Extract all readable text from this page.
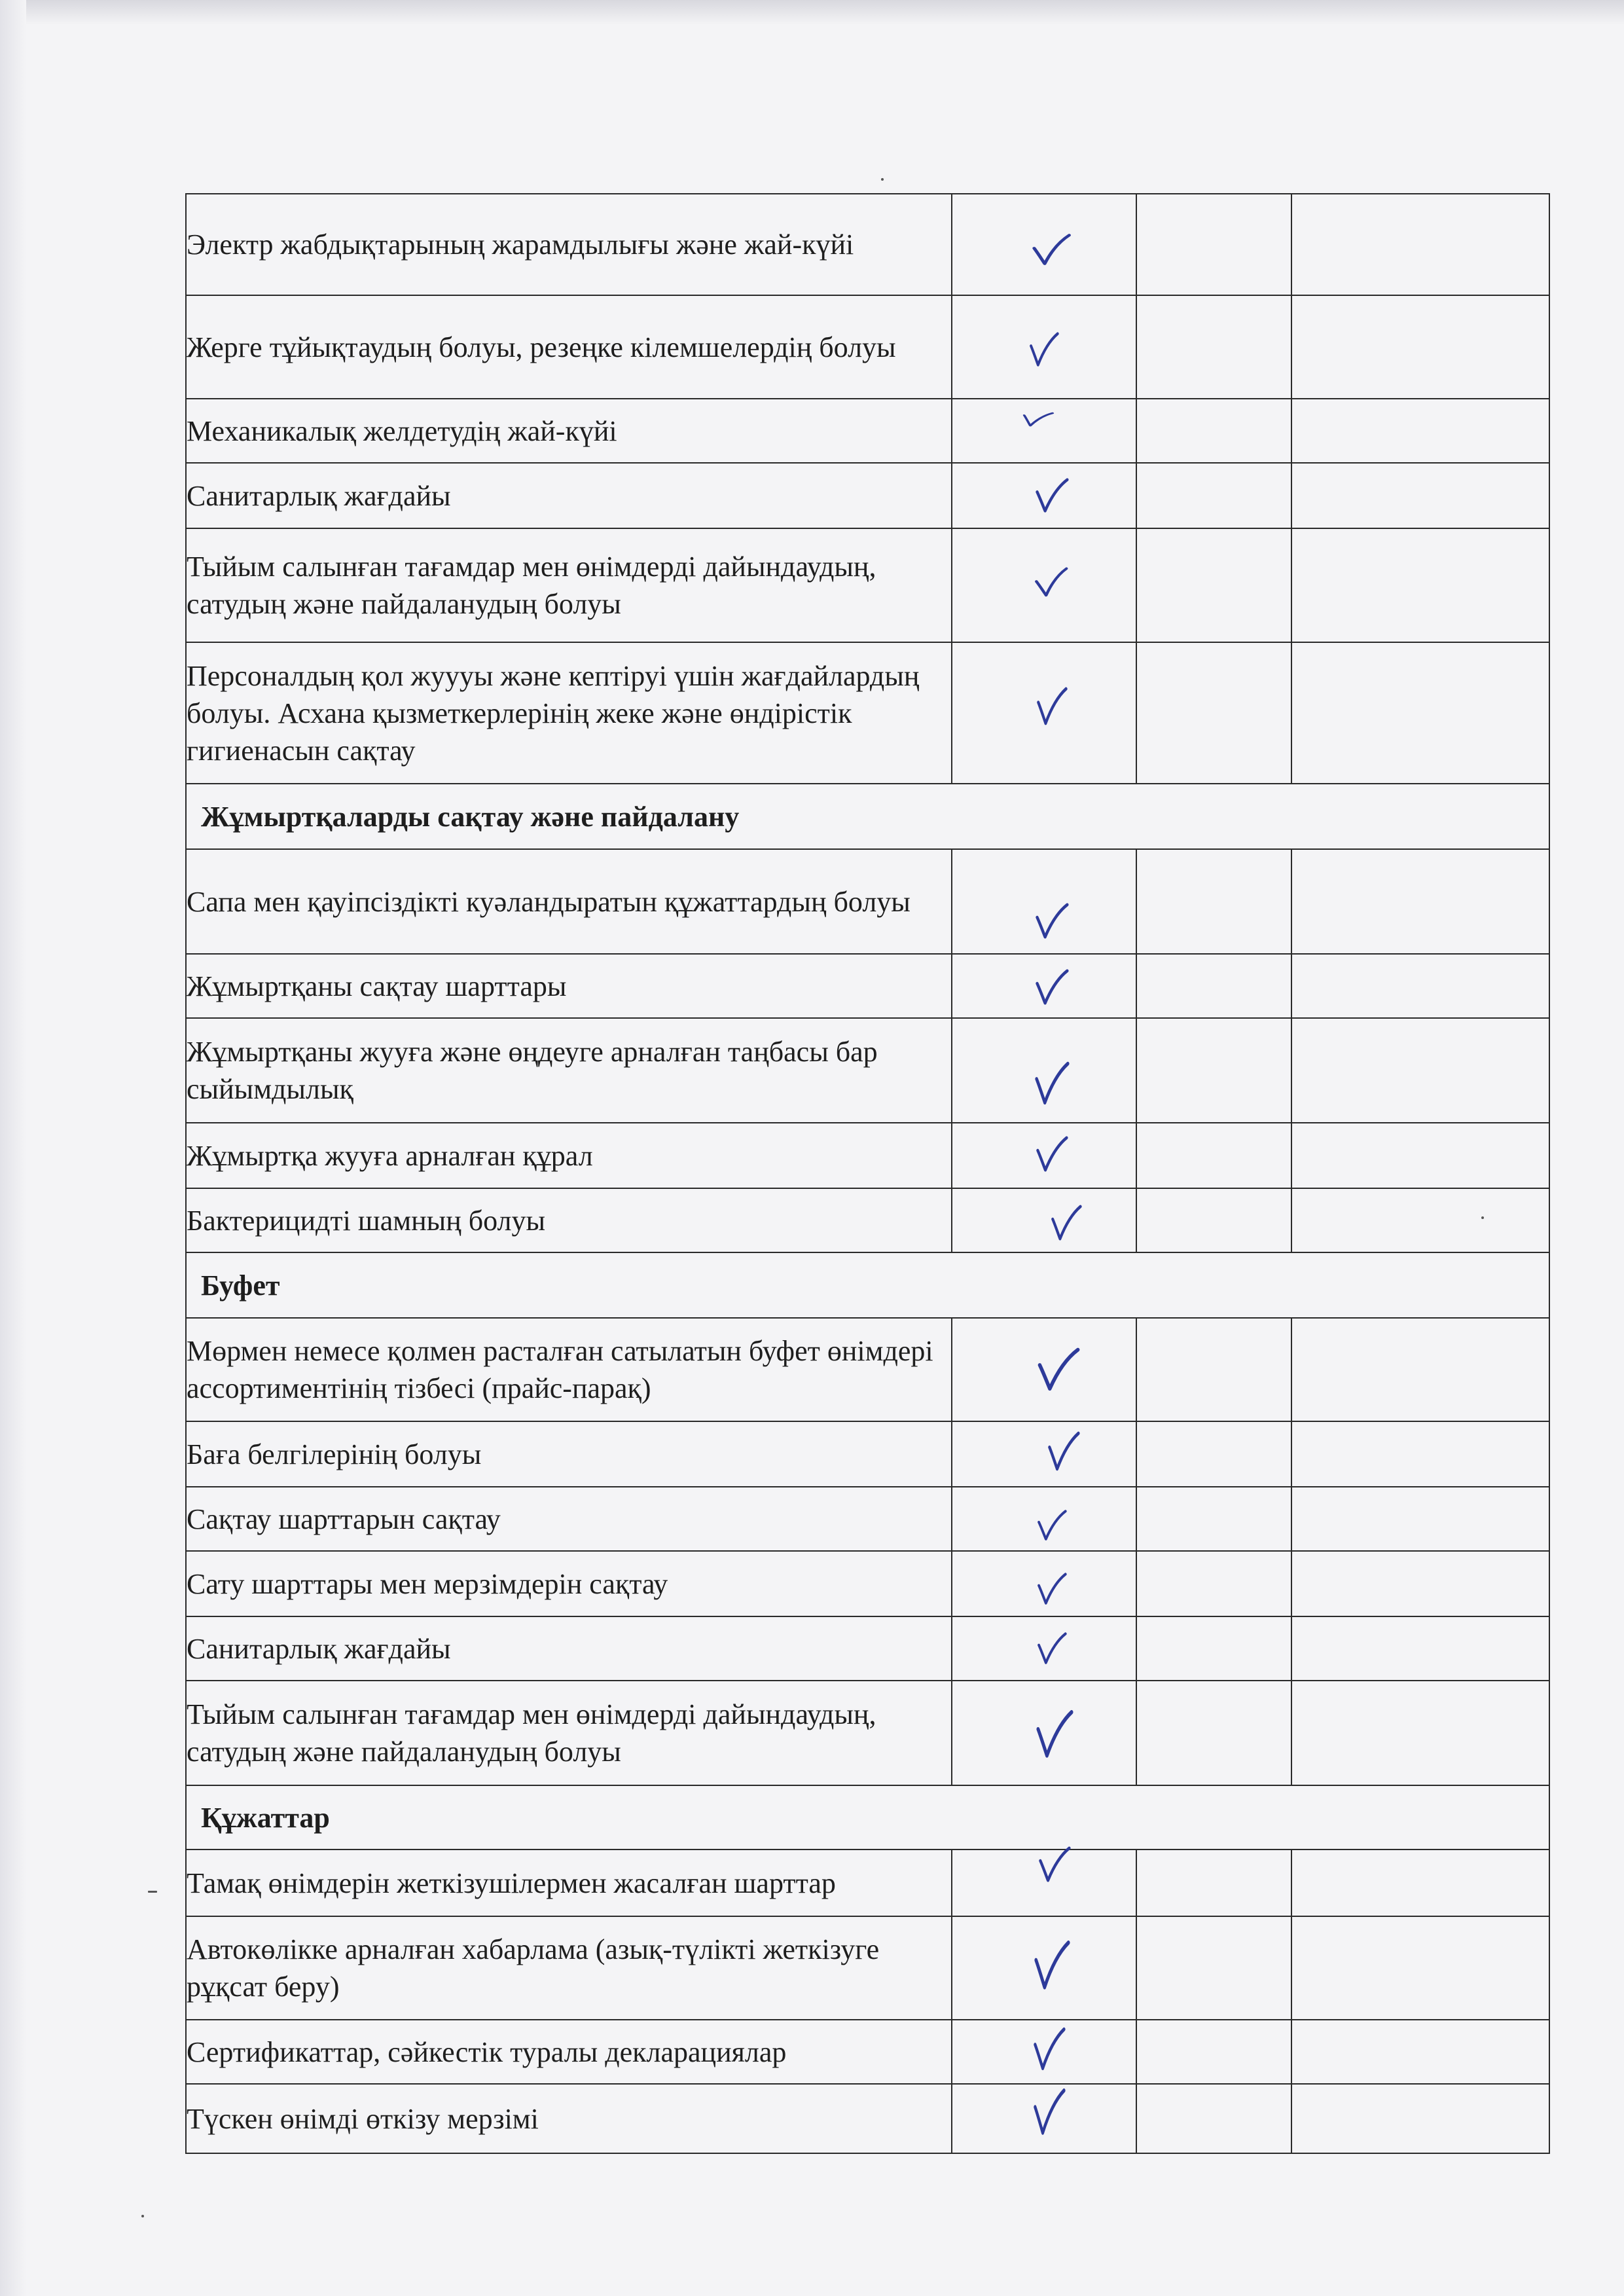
Электр жабдықтарының жарамдылығы және жай-күйі

Жерге тұйықтаудың болуы, резеңке кілемшелердің болуы

Механикалық желдетудің жай-күйі

Санитарлық жағдайы

Тыйым салынған тағамдар мен өнімдерді дайындаудың, сатудың және пайдаланудың болуы

Персоналдың қол жуууы және кептіруі үшін жағдайлардың болуы. Асхана қызметкерлерінің жеке және өндірістік гигиенасын сақтау

Жұмыртқаларды сақтау және пайдалану			

Сапа мен қауіпсіздікті куәландыратын құжаттардың болуы

Жұмыртқаны сақтау шарттары

Жұмыртқаны жууға және өңдеуге арналған таңбасы бар сыйымдылық

Жұмыртқа жууға арналған құрал

Бактерицидті шамның болуы

Буфет			

Мөрмен немесе қолмен расталған сатылатын буфет өнімдері ассортиментінің тізбесі (прайс-парақ)

Баға белгілерінің болуы

Сақтау шарттарын сақтау

Сату шарттары мен мерзімдерін сақтау

Санитарлық жағдайы

Тыйым салынған тағамдар мен өнімдерді дайындаудың, сатудың және пайдаланудың болуы

Құжаттар			

Тамақ өнімдерін жеткізушілермен жасалған шарттар

Автокөлікке арналған хабарлама (азық-түлікті жеткізуге рұқсат беру)

Сертификаттар, сәйкестік туралы декларациялар

Түскен өнімді өткізу мерзімі
